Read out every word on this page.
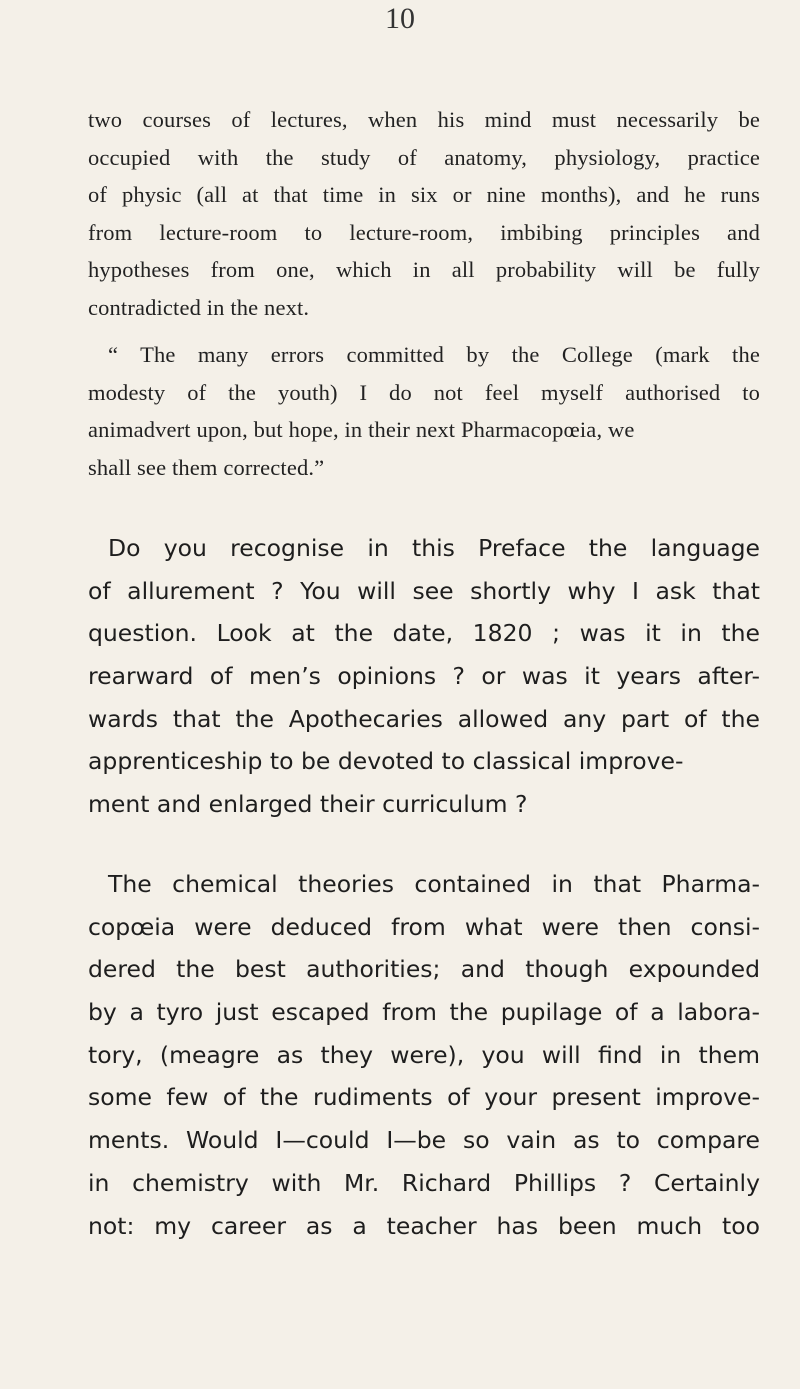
10
two courses of lectures, when his mind must necessarily be
occupied with the study of anatomy, physiology, practice
of physic (all at that time in six or nine months), and he runs
from lecture-room to lecture-room, imbibing principles and
hypotheses from one, which in all probability will be fully
contradicted in the next.
“ The many errors committed by the College (mark the
modesty of the youth) I do not feel myself authorised to
animadvert upon, but hope, in their next Pharmacopœia, we
shall see them corrected.”
Do you recognise in this Preface the language
of allurement ? You will see shortly why I ask that
question. Look at the date, 1820 ; was it in the
rearward of men’s opinions ? or was it years after-
wards that the Apothecaries allowed any part of the
apprenticeship to be devoted to classical improve-
ment and enlarged their curriculum ?
The chemical theories contained in that Pharma-
copœia were deduced from what were then consi-
dered the best authorities; and though expounded
by a tyro just escaped from the pupilage of a labora-
tory, (meagre as they were), you will find in them
some few of the rudiments of your present improve-
ments. Would I—could I—be so vain as to compare
in chemistry with Mr. Richard Phillips ? Certainly
not: my career as a teacher has been much too
